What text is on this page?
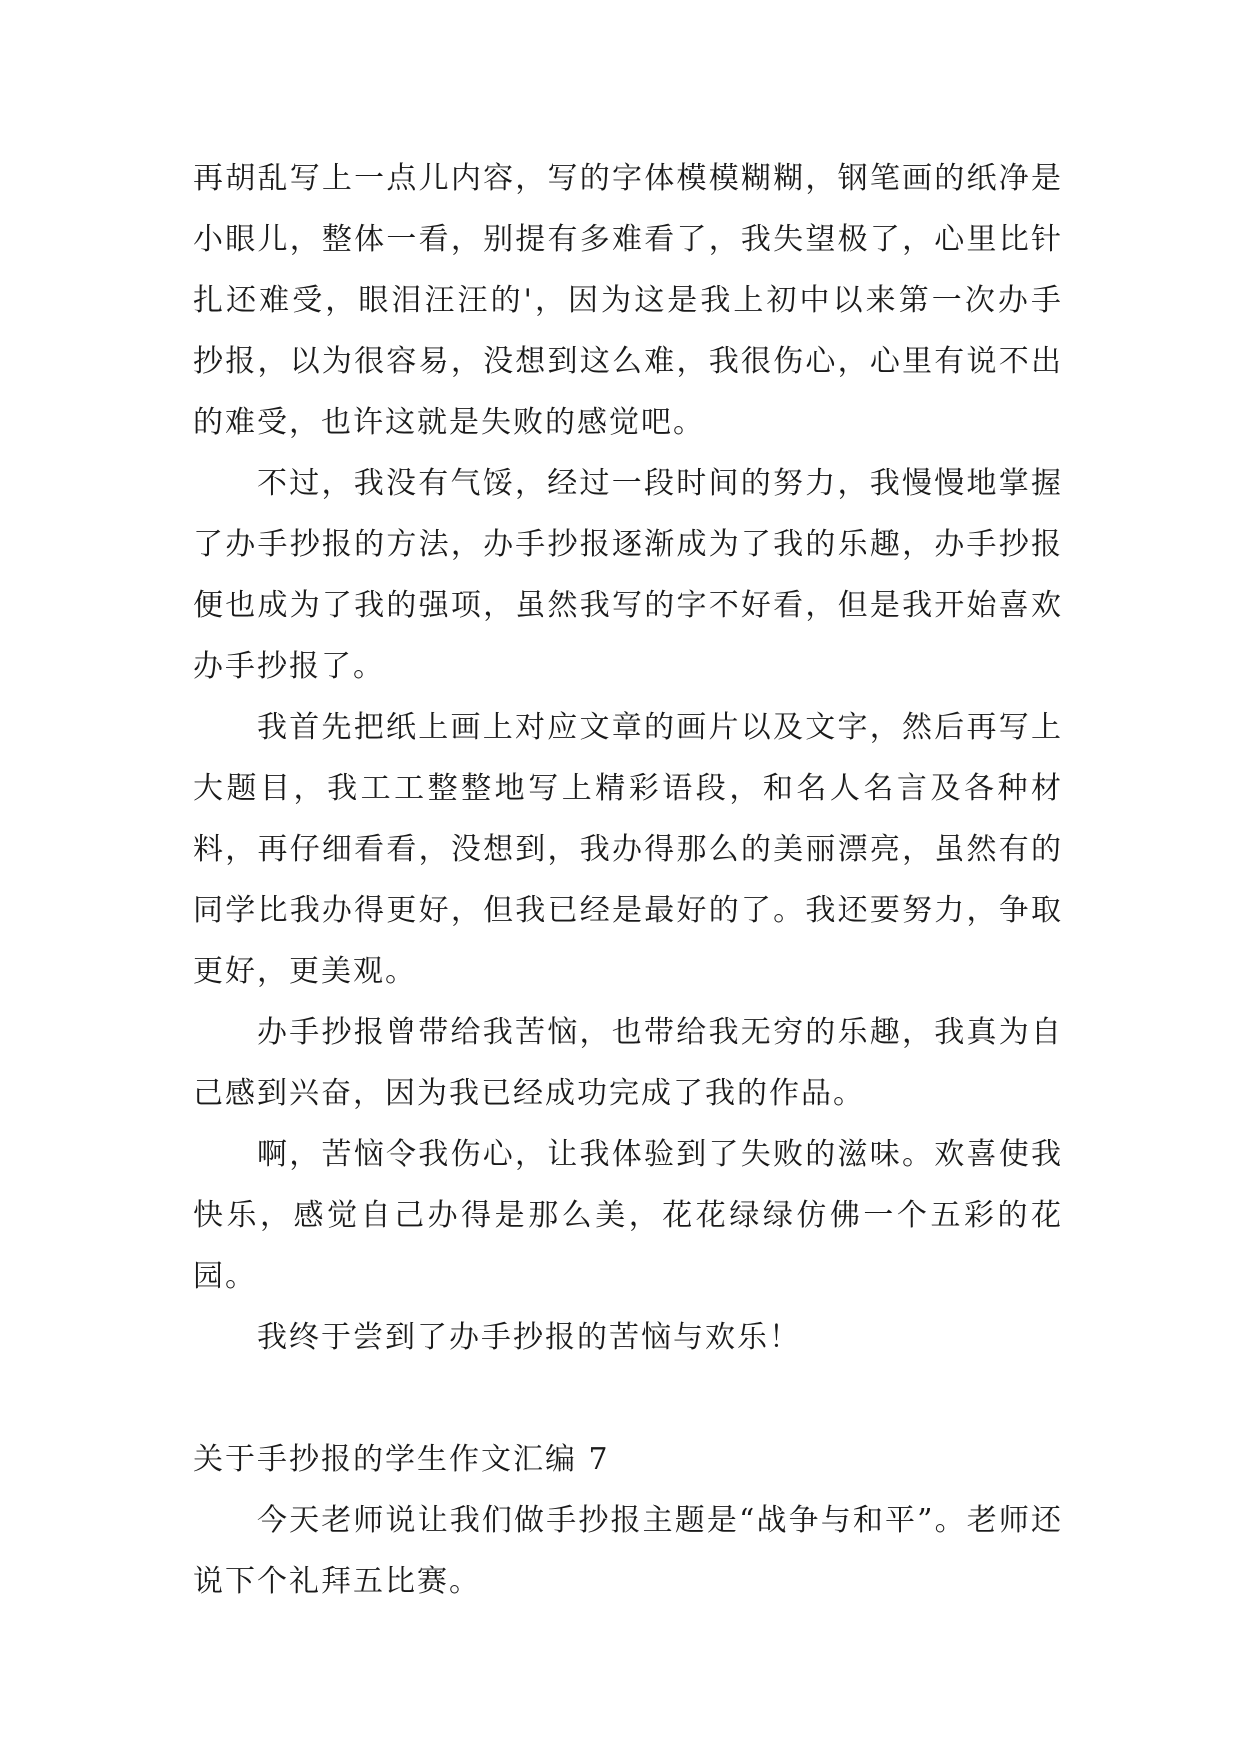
再胡乱写上一点儿内容，写的字体模模糊糊，钢笔画的纸净是小眼儿，整体一看，别提有多难看了，我失望极了，心里比针扎还难受，眼泪汪汪的'，因为这是我上初中以来第一次办手抄报，以为很容易，没想到这么难，我很伤心，心里有说不出的难受，也许这就是失败的感觉吧。

不过，我没有气馁，经过一段时间的努力，我慢慢地掌握了办手抄报的方法，办手抄报逐渐成为了我的乐趣，办手抄报便也成为了我的强项，虽然我写的字不好看，但是我开始喜欢办手抄报了。

我首先把纸上画上对应文章的画片以及文字，然后再写上大题目，我工工整整地写上精彩语段，和名人名言及各种材料，再仔细看看，没想到，我办得那么的美丽漂亮，虽然有的同学比我办得更好，但我已经是最好的了。我还要努力，争取更好，更美观。

办手抄报曾带给我苦恼，也带给我无穷的乐趣，我真为自己感到兴奋，因为我已经成功完成了我的作品。

啊，苦恼令我伤心，让我体验到了失败的滋味。欢喜使我快乐，感觉自己办得是那么美，花花绿绿仿佛一个五彩的花园。

我终于尝到了办手抄报的苦恼与欢乐！

关于手抄报的学生作文汇编 7

今天老师说让我们做手抄报主题是“战争与和平”。老师还说下个礼拜五比赛。
